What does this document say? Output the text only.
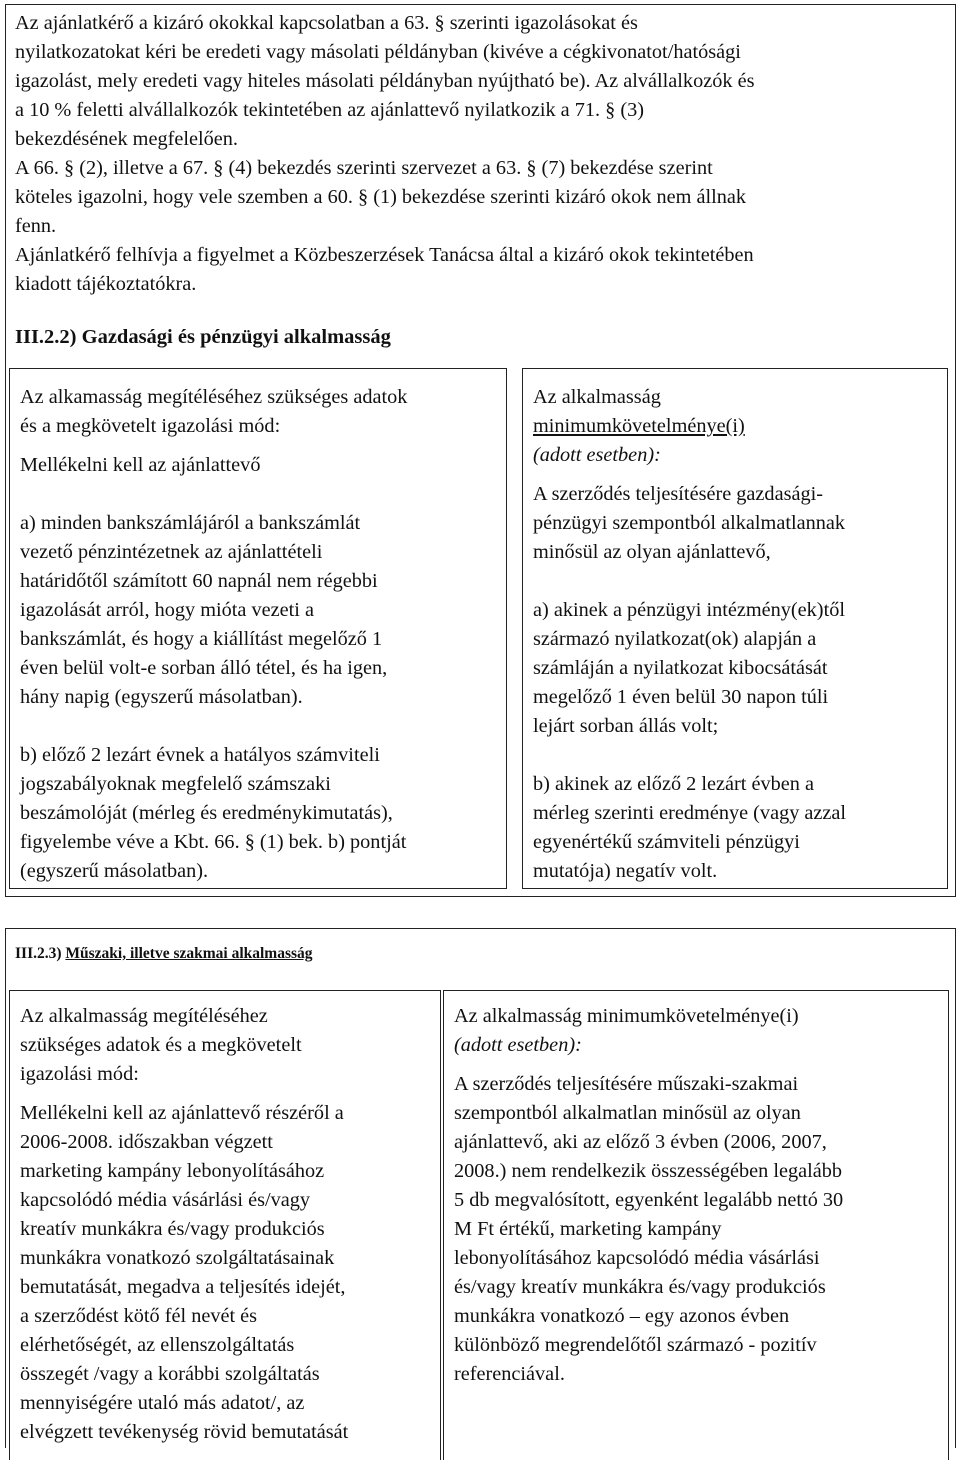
Az ajánlatkérő a kizáró okokkal kapcsolatban a 63. § szerinti igazolásokat és

nyilatkozatokat kéri be eredeti vagy másolati példányban (kivéve a cégkivonatot/hatósági

igazolást, mely eredeti vagy hiteles másolati példányban nyújtható be). Az alvállalkozók és

a 10 % feletti alvállalkozók tekintetében az ajánlattevő nyilatkozik a 71. § (3)

bekezdésének megfelelően.

A 66. § (2), illetve a 67. § (4) bekezdés szerinti szervezet a 63. § (7) bekezdése szerint

köteles igazolni, hogy vele szemben a 60. § (1) bekezdése szerinti kizáró okok nem állnak

fenn.

Ajánlatkérő felhívja a figyelmet a Közbeszerzések Tanácsa által a kizáró okok tekintetében

kiadott tájékoztatókra.

III.2.2) Gazdasági és pénzügyi alkalmasság

Az alkamasság megítéléséhez szükséges adatok

és a megkövetelt igazolási mód:

Mellékelni kell az ajánlattevő

a) minden bankszámlájáról a bankszámlát

vezető pénzintézetnek az ajánlattételi

határidőtől számított 60 napnál nem régebbi

igazolását arról, hogy mióta vezeti a

bankszámlát, és hogy a kiállítást megelőző 1

éven belül volt-e sorban álló tétel, és ha igen,

hány napig (egyszerű másolatban).

b) előző 2 lezárt évnek a hatályos számviteli

jogszabályoknak megfelelő számszaki

beszámolóját (mérleg és eredménykimutatás),

figyelembe véve a Kbt. 66. § (1) bek. b) pontját

(egyszerű másolatban).

Az alkalmasság

minimumkövetelménye(i)

(adott esetben):

A szerződés teljesítésére gazdasági-

pénzügyi szempontból alkalmatlannak

minősül az olyan ajánlattevő,

a) akinek a pénzügyi intézmény(ek)től

származó nyilatkozat(ok) alapján a

számláján a nyilatkozat kibocsátását

megelőző 1 éven belül 30 napon túli

lejárt sorban állás volt;

b) akinek az előző 2 lezárt évben a

mérleg szerinti eredménye (vagy azzal

egyenértékű számviteli pénzügyi

mutatója) negatív volt.

III.2.3) Műszaki, illetve szakmai alkalmasság

Az alkalmasság megítéléséhez

szükséges adatok és a megkövetelt

igazolási mód:

Mellékelni kell az ajánlattevő részéről a

2006-2008. időszakban végzett

marketing kampány lebonyolításához

kapcsolódó média vásárlási és/vagy

kreatív munkákra és/vagy produkciós

munkákra vonatkozó szolgáltatásainak

bemutatását, megadva a teljesítés idejét,

a szerződést kötő fél nevét és

elérhetőségét, az ellenszolgáltatás

összegét /vagy a korábbi szolgáltatás

mennyiségére utaló más adatot/, az

elvégzett tevékenység rövid bemutatását

Az alkalmasság minimumkövetelménye(i)

(adott esetben):

A szerződés teljesítésére műszaki-szakmai

szempontból alkalmatlan minősül az olyan

ajánlattevő, aki az előző 3 évben (2006, 2007,

2008.) nem rendelkezik összességében legalább

5 db megvalósított, egyenként legalább nettó 30

M Ft értékű, marketing kampány

lebonyolításához kapcsolódó média vásárlási

és/vagy kreatív munkákra és/vagy produkciós

munkákra vonatkozó – egy azonos évben

különböző megrendelőtől származó - pozitív

referenciával.
